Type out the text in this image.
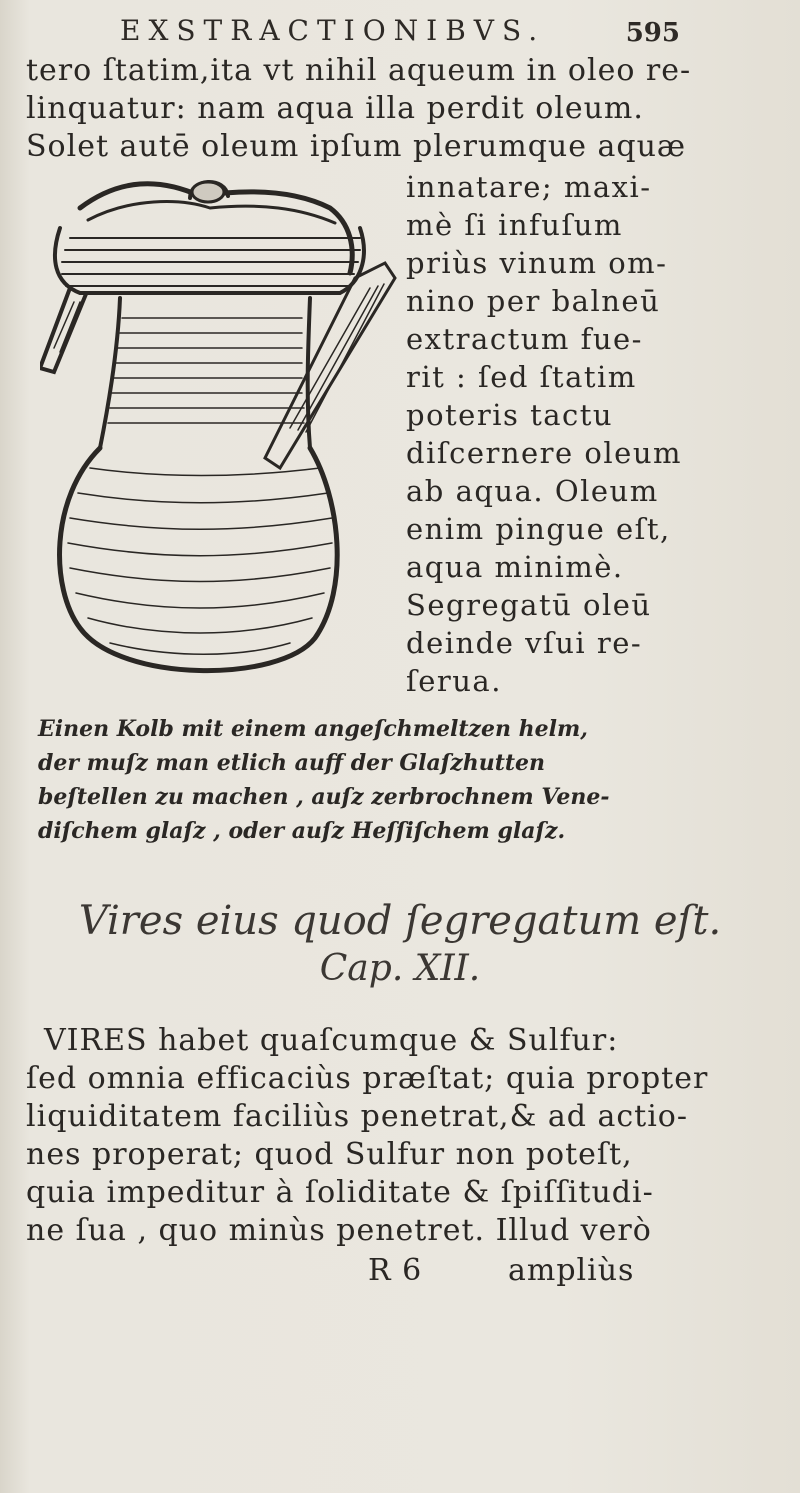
EXSTRACTIONIBVS.	595
tero ſtatim,ita vt nihil aqueum in oleo re-
linquatur: nam aqua illa perdit oleum.
Solet autē oleum ipſum plerumque aquæ
innatare; maxi-
mè ſi infuſum
priùs vinum om-
nino per balneū
extractum fue-
rit : ſed ſtatim
poteris tactu
diſcernere oleum
ab aqua. Oleum
enim pingue eſt,
aqua minimè.
Segregatū oleū
deinde vſui re-
ſerua.
Einen Kolb mit einem angeſchmeltzen helm,
der muſz man etlich auff der Glaſzhutten
beſtellen zu machen , auſz zerbrochnem Vene-
diſchem glaſz , oder auſz Heſſiſchem glaſz.
Vires eius quod ſegregatum eſt.
Cap. XII.
VIRES habet quaſcumque & Sulfur:
ſed omnia efficaciùs præſtat; quia propter
liquiditatem faciliùs penetrat,& ad actio-
nes properat; quod Sulfur non poteſt,
quia impeditur à ſoliditate & ſpiſſitudi-
ne ſua , quo minùs penetret. Illud verò
R 6	ampliùs
